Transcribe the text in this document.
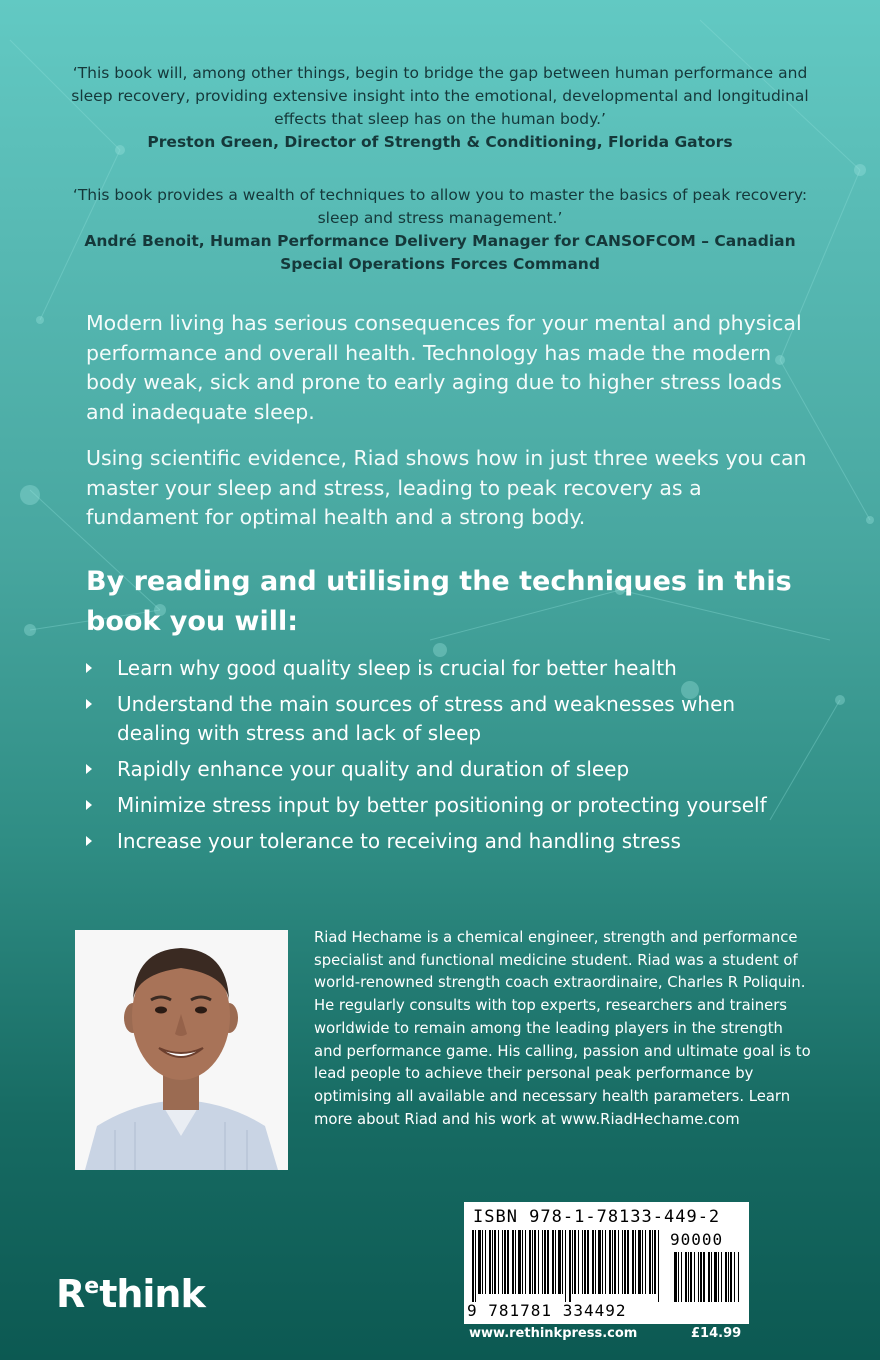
‘This book will, among other things, begin to bridge the gap between human performance and sleep recovery, providing extensive insight into the emotional, developmental and longitudinal effects that sleep has on the human body.’

Preston Green, Director of Strength & Conditioning, Florida Gators

‘This book provides a wealth of techniques to allow you to master the basics of peak recovery: sleep and stress management.’

André Benoit, Human Performance Delivery Manager for CANSOFCOM – Canadian Special Operations Forces Command

Modern living has serious consequences for your mental and physical performance and overall health. Technology has made the modern body weak, sick and prone to early aging due to higher stress loads and inadequate sleep.

Using scientific evidence, Riad shows how in just three weeks you can master your sleep and stress, leading to peak recovery as a fundament for optimal health and a strong body.

By reading and utilising the techniques in this book you will:
Learn why good quality sleep is crucial for better health
Understand the main sources of stress and weaknesses when dealing with stress and lack of sleep
Rapidly enhance your quality and duration of sleep
Minimize stress input by better positioning or protecting yourself
Increase your tolerance to receiving and handling stress

Riad Hechame is a chemical engineer, strength and performance specialist and functional medicine student. Riad was a student of world-renowned strength coach extraordinaire, Charles R Poliquin. He regularly consults with top experts, researchers and trainers worldwide to remain among the leading players in the strength and performance game. His calling, passion and ultimate goal is to lead people to achieve their personal peak performance by optimising all available and necessary health parameters. Learn more about Riad and his work at www.RiadHechame.com

$R^ethink$
ISBN 978-1-78133-449-2
90000
9 781781 334492
www.rethinkpress.com	£14.99
